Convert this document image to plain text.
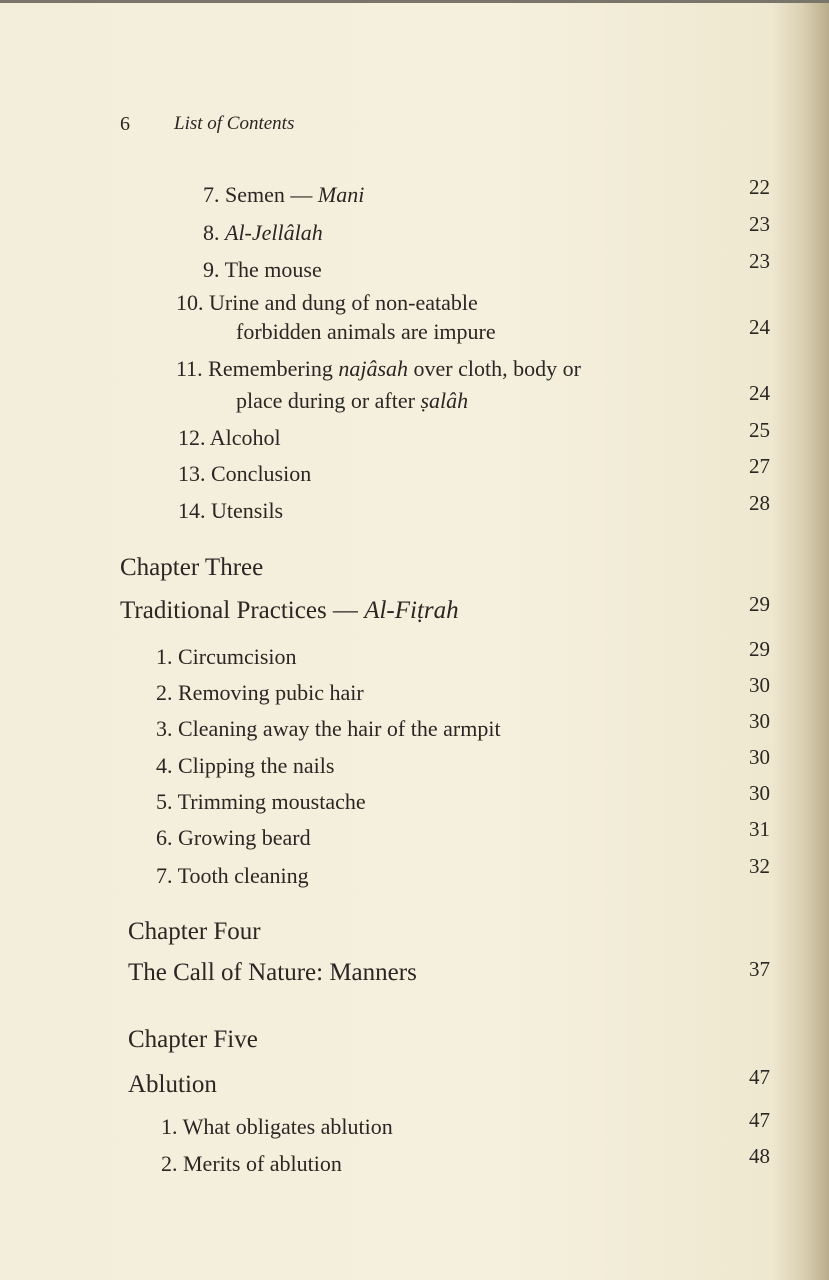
6 List of Contents
7. Semen — Mani	22
8. Al-Jellâlah	23
9. The mouse	23
10. Urine and dung of non-eatable
forbidden animals are impure	24
11. Remembering najâsah over cloth, body or
place during or after ṣalâh	24
12. Alcohol	25
13. Conclusion	27
14. Utensils	28
Chapter Three
Traditional Practices — Al-Fiṭrah	29
1. Circumcision	29
2. Removing pubic hair	30
3. Cleaning away the hair of the armpit	30
4. Clipping the nails	30
5. Trimming moustache	30
6. Growing beard	31
7. Tooth cleaning	32
Chapter Four
The Call of Nature: Manners	37
Chapter Five
Ablution	47
1. What obligates ablution	47
2. Merits of ablution	48
